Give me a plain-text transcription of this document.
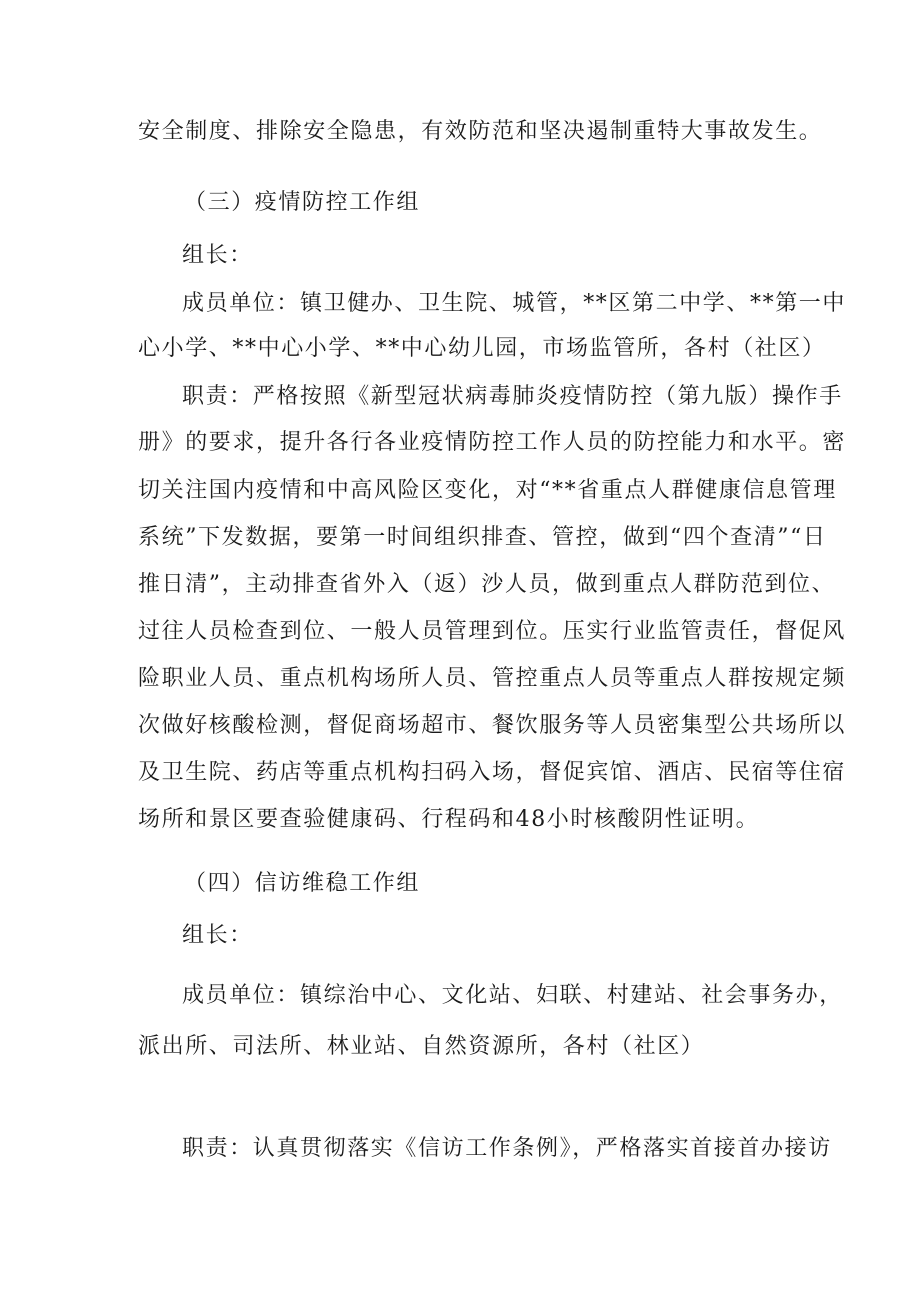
安全制度、排除安全隐患，有效防范和坚决遏制重特大事故发生。
（三）疫情防控工作组
组长：
成员单位：镇卫健办、卫生院、城管，**区第二中学、**第一中
心小学、**中心小学、**中心幼儿园，市场监管所，各村（社区）
职责：严格按照《新型冠状病毒肺炎疫情防控（第九版）操作手
册》的要求，提升各行各业疫情防控工作人员的防控能力和水平。密
切关注国内疫情和中高风险区变化，对“**省重点人群健康信息管理
系统”下发数据，要第一时间组织排查、管控，做到“四个查清”“日
推日清”，主动排查省外入（返）沙人员，做到重点人群防范到位、
过往人员检查到位、一般人员管理到位。压实行业监管责任，督促风
险职业人员、重点机构场所人员、管控重点人员等重点人群按规定频
次做好核酸检测，督促商场超市、餐饮服务等人员密集型公共场所以
及卫生院、药店等重点机构扫码入场，督促宾馆、酒店、民宿等住宿
场所和景区要查验健康码、行程码和48小时核酸阴性证明。
（四）信访维稳工作组
组长：
成员单位：镇综治中心、文化站、妇联、村建站、社会事务办，
派出所、司法所、林业站、自然资源所，各村（社区）
职责：认真贯彻落实《信访工作条例》，严格落实首接首办接访
